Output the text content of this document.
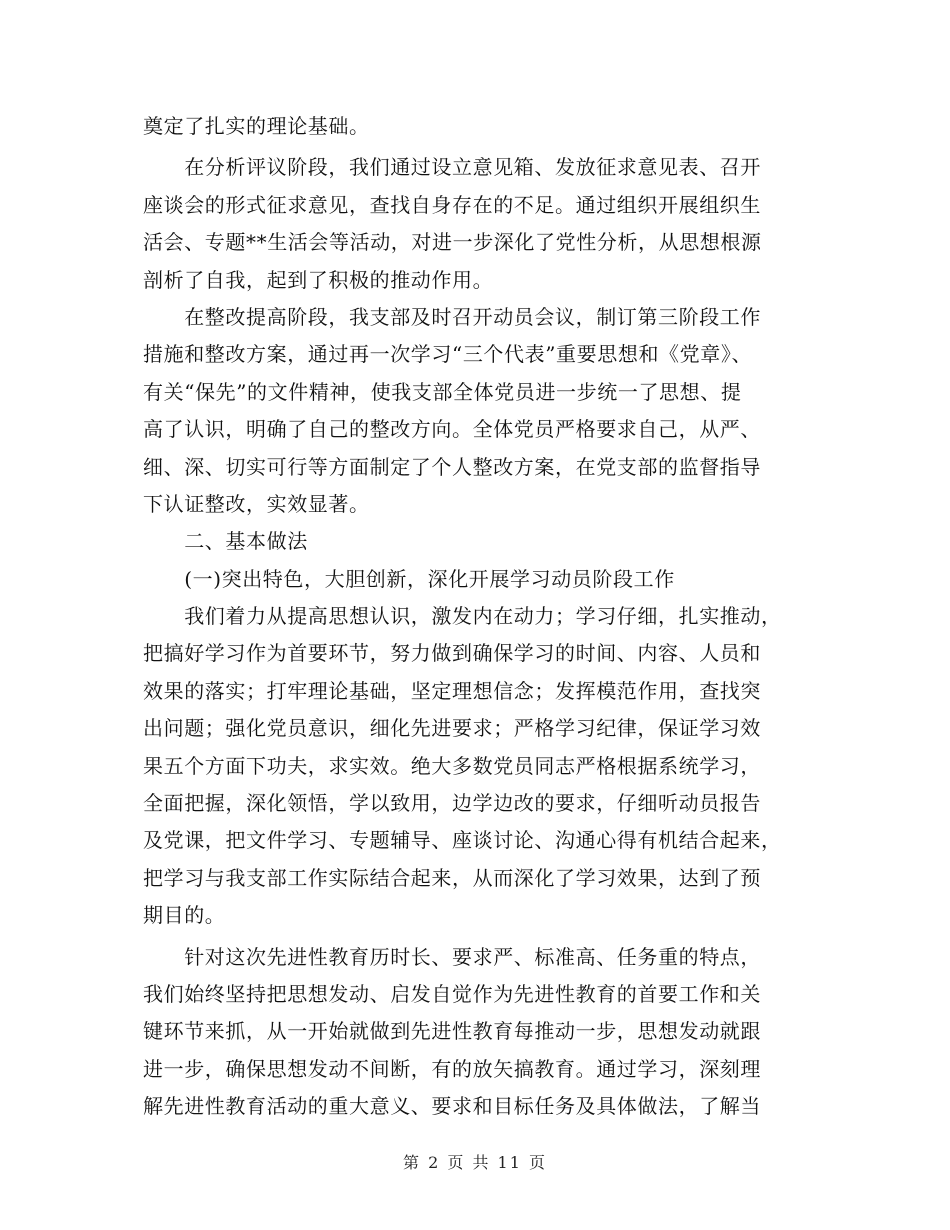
奠定了扎实的理论基础。
　　在分析评议阶段，我们通过设立意见箱、发放征求意见表、召开
座谈会的形式征求意见，查找自身存在的不足。通过组织开展组织生
活会、专题**生活会等活动，对进一步深化了党性分析，从思想根源
剖析了自我，起到了积极的推动作用。
　　在整改提高阶段，我支部及时召开动员会议，制订第三阶段工作
措施和整改方案，通过再一次学习“三个代表”重要思想和《党章》、
有关“保先”的文件精神，使我支部全体党员进一步统一了思想、提
高了认识，明确了自己的整改方向。全体党员严格要求自己，从严、
细、深、切实可行等方面制定了个人整改方案，在党支部的监督指导
下认证整改，实效显著。
　　二、基本做法
　　(一)突出特色，大胆创新，深化开展学习动员阶段工作
　　我们着力从提高思想认识，激发内在动力；学习仔细，扎实推动，
把搞好学习作为首要环节，努力做到确保学习的时间、内容、人员和
效果的落实；打牢理论基础，坚定理想信念；发挥模范作用，查找突
出问题；强化党员意识，细化先进要求；严格学习纪律，保证学习效
果五个方面下功夫，求实效。绝大多数党员同志严格根据系统学习，
全面把握，深化领悟，学以致用，边学边改的要求，仔细听动员报告
及党课，把文件学习、专题辅导、座谈讨论、沟通心得有机结合起来，
把学习与我支部工作实际结合起来，从而深化了学习效果，达到了预
期目的。
　　针对这次先进性教育历时长、要求严、标准高、任务重的特点，
我们始终坚持把思想发动、启发自觉作为先进性教育的首要工作和关
键环节来抓，从一开始就做到先进性教育每推动一步，思想发动就跟
进一步，确保思想发动不间断，有的放矢搞教育。通过学习，深刻理
解先进性教育活动的重大意义、要求和目标任务及具体做法，了解当
第 2 页 共 11 页
